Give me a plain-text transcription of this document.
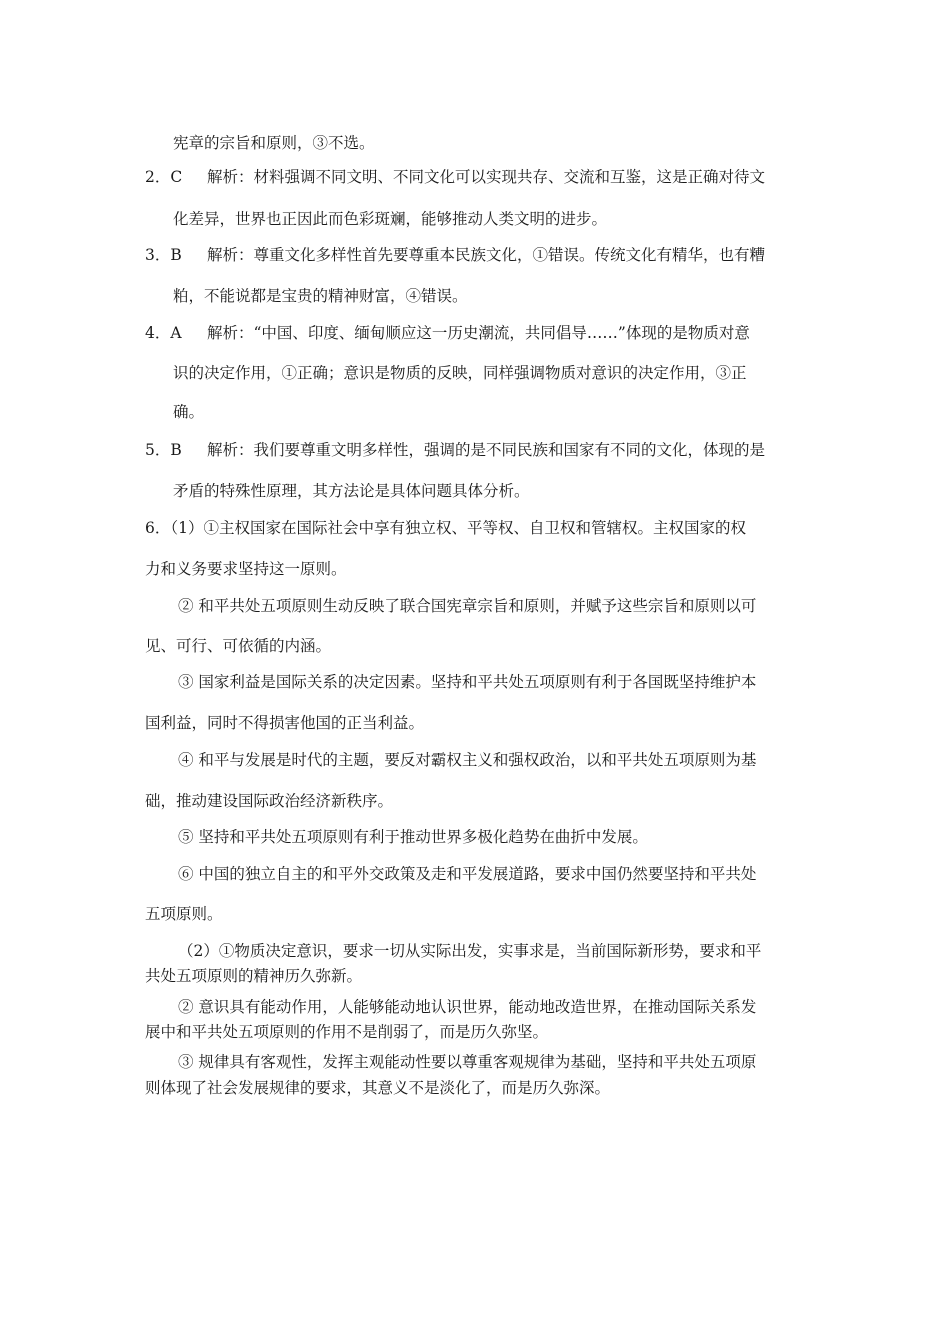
宪章的宗旨和原则，③不选。
2．C 解析：材料强调不同文明、不同文化可以实现共存、交流和互鉴，这是正确对待文
化差异，世界也正因此而色彩斑斓，能够推动人类文明的进步。
3．B 解析：尊重文化多样性首先要尊重本民族文化，①错误。传统文化有精华，也有糟
粕，不能说都是宝贵的精神财富，④错误。
4．A 解析：“中国、印度、缅甸顺应这一历史潮流，共同倡导……”体现的是物质对意
识的决定作用，①正确；意识是物质的反映，同样强调物质对意识的决定作用，③正
确。
5．B 解析：我们要尊重文明多样性，强调的是不同民族和国家有不同的文化，体现的是
矛盾的特殊性原理，其方法论是具体问题具体分析。
6．（1）①主权国家在国际社会中享有独立权、平等权、自卫权和管辖权。主权国家的权
力和义务要求坚持这一原则。
② 和平共处五项原则生动反映了联合国宪章宗旨和原则，并赋予这些宗旨和原则以可
见、可行、可依循的内涵。
③ 国家利益是国际关系的决定因素。坚持和平共处五项原则有利于各国既坚持维护本
国利益，同时不得损害他国的正当利益。
④ 和平与发展是时代的主题，要反对霸权主义和强权政治，以和平共处五项原则为基
础，推动建设国际政治经济新秩序。
⑤ 坚持和平共处五项原则有利于推动世界多极化趋势在曲折中发展。
⑥ 中国的独立自主的和平外交政策及走和平发展道路，要求中国仍然要坚持和平共处
五项原则。
（2）①物质决定意识，要求一切从实际出发，实事求是，当前国际新形势，要求和平
共处五项原则的精神历久弥新。
② 意识具有能动作用，人能够能动地认识世界，能动地改造世界，在推动国际关系发
展中和平共处五项原则的作用不是削弱了，而是历久弥坚。
③ 规律具有客观性，发挥主观能动性要以尊重客观规律为基础，坚持和平共处五项原
则体现了社会发展规律的要求，其意义不是淡化了，而是历久弥深。
